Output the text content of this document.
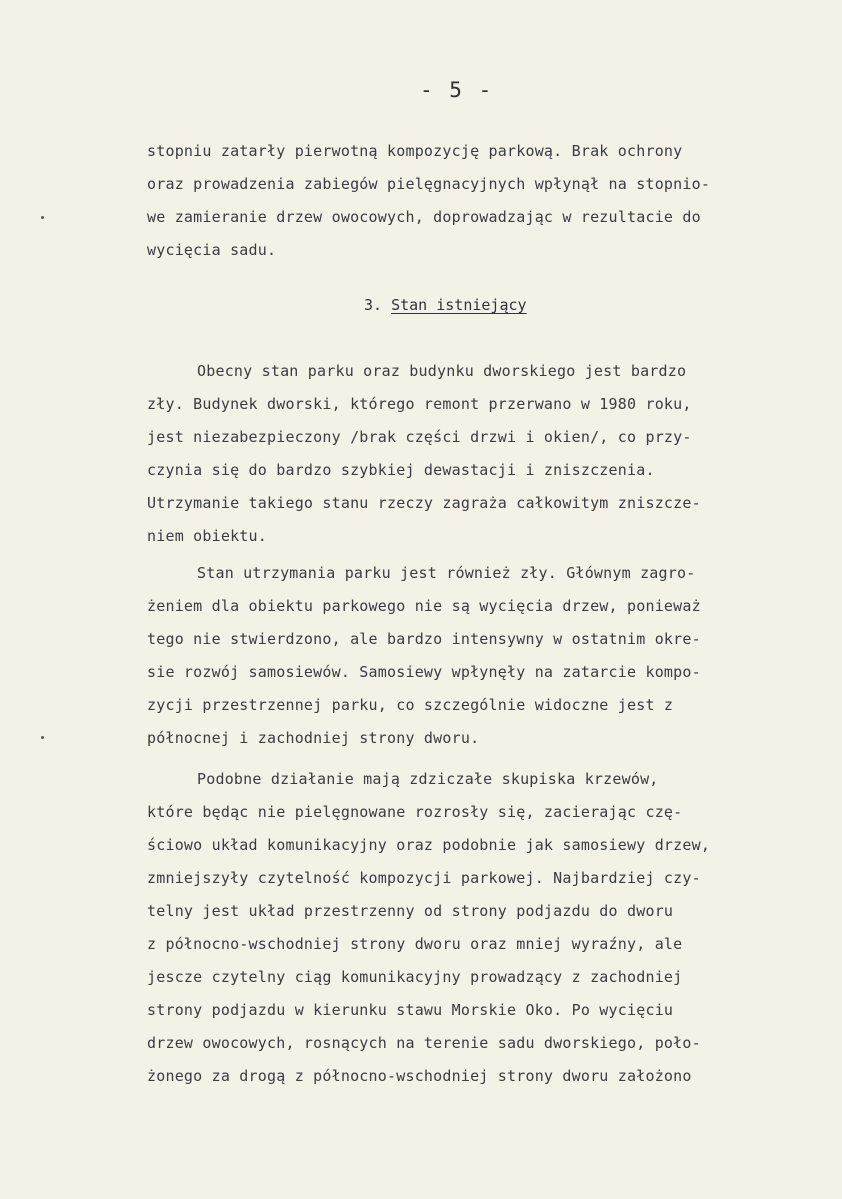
- 5 -
stopniu zatarły pierwotną kompozycję parkową. Brak ochrony
oraz prowadzenia zabiegów pielęgnacyjnych wpłynął na stopnio-
we zamieranie drzew owocowych, doprowadzając w rezultacie do
wycięcia sadu.
3. Stan istniejący
Obecny stan parku oraz budynku dworskiego jest bardzo
zły. Budynek dworski, którego remont przerwano w 1980 roku,
jest niezabezpieczony /brak części drzwi i okien/, co przy-
czynia się do bardzo szybkiej dewastacji i zniszczenia.
Utrzymanie takiego stanu rzeczy zagraża całkowitym zniszcze-
niem obiektu.
Stan utrzymania parku jest również zły. Głównym zagro-
żeniem dla obiektu parkowego nie są wycięcia drzew, ponieważ
tego nie stwierdzono, ale bardzo intensywny w ostatnim okre-
sie rozwój samosiewów. Samosiewy wpłynęły na zatarcie kompo-
zycji przestrzennej parku, co szczególnie widoczne jest z
północnej i zachodniej strony dworu.
Podobne działanie mają zdziczałe skupiska krzewów,
które będąc nie pielęgnowane rozrosły się, zacierając czę-
ściowo układ komunikacyjny oraz podobnie jak samosiewy drzew,
zmniejszyły czytelność kompozycji parkowej. Najbardziej czy-
telny jest układ przestrzenny od strony podjazdu do dworu
z północno-wschodniej strony dworu oraz mniej wyraźny, ale
jescze czytelny ciąg komunikacyjny prowadzący z zachodniej
strony podjazdu w kierunku stawu Morskie Oko. Po wycięciu
drzew owocowych, rosnących na terenie sadu dworskiego, poło-
żonego za drogą z północno-wschodniej strony dworu założono
